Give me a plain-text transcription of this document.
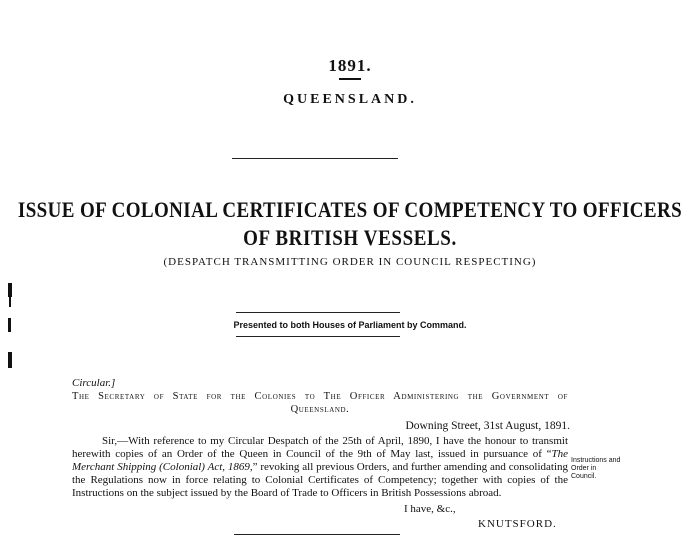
1891.
QUEENSLAND.
ISSUE OF COLONIAL CERTIFICATES OF COMPETENCY TO OFFICERS
OF BRITISH VESSELS.
(DESPATCH TRANSMITTING ORDER IN COUNCIL RESPECTING)
Presented to both Houses of Parliament by Command.
Circular.]
The Secretary of State for the Colonies to The Officer Administering the Government of
Queensland.
Downing Street, 31st August, 1891.
Sir,—With reference to my Circular Despatch of the 25th of April, 1890, I have the honour to transmit herewith copies of an Order of the Queen in Council of the 9th of May last, issued in pursuance of “The Merchant Shipping (Colonial) Act, 1869,” revoking all previous Orders, and further amending and consolidating the Regulations now in force relating to Colonial Certificates of Competency; together with copies of the Instructions on the subject issued by the Board of Trade to Officers in British Possessions abroad.
Instructions and Order in Council.
I have, &c.,
KNUTSFORD.
